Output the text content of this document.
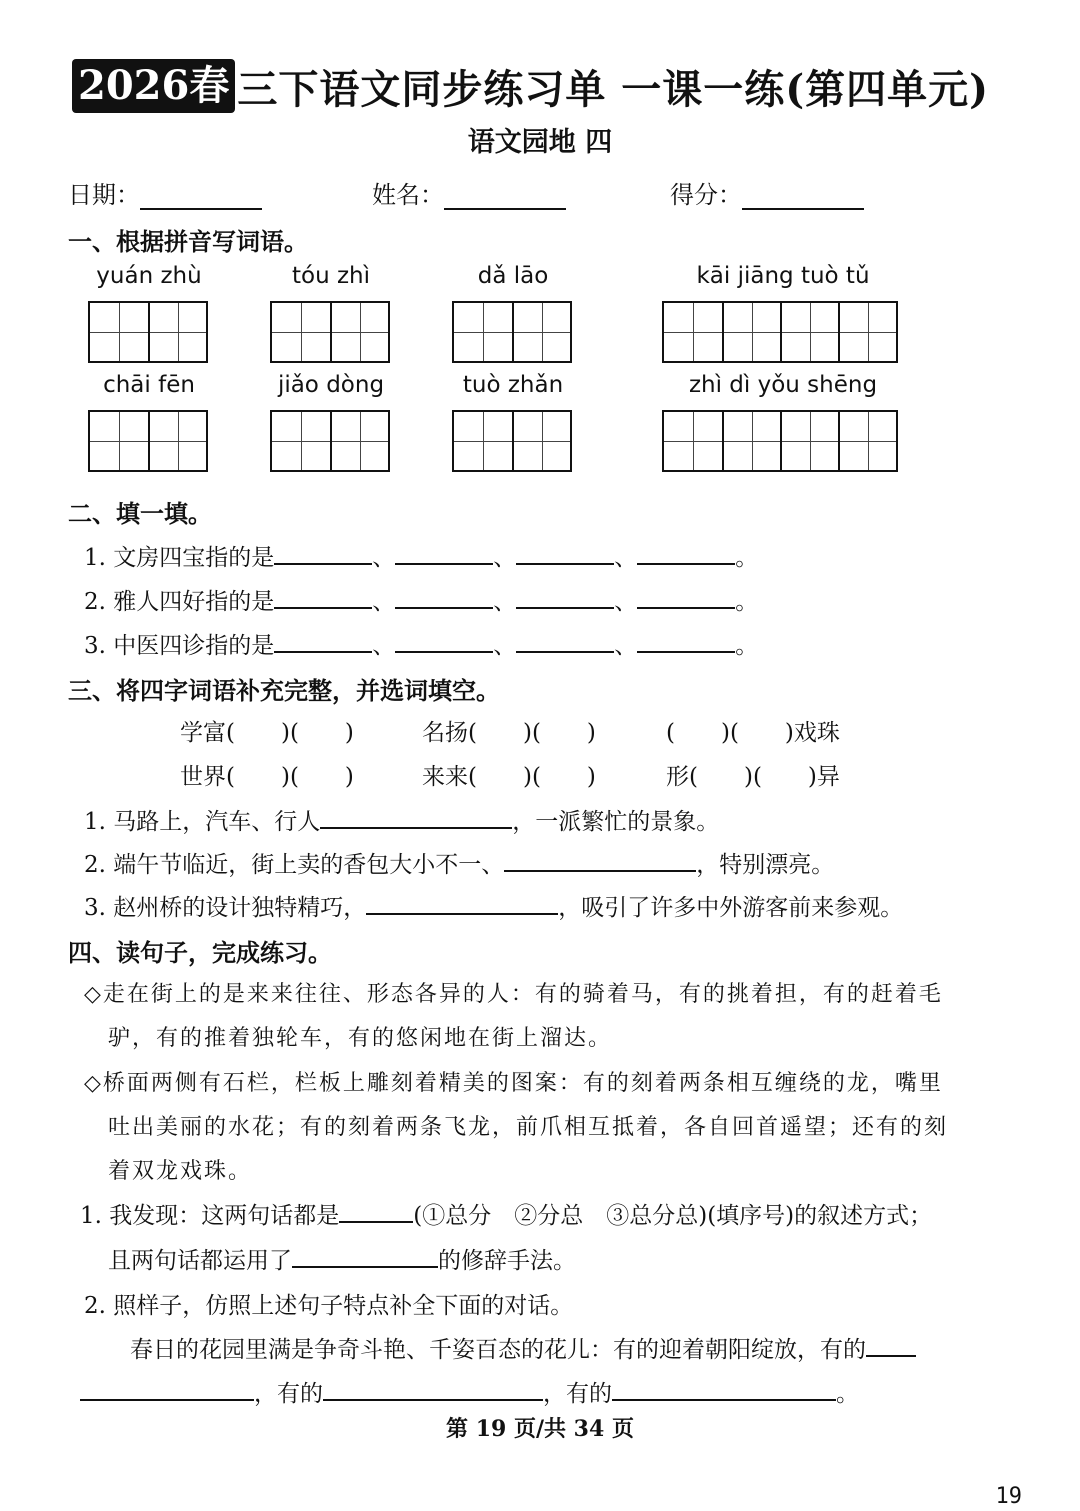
2026春 三下语文同步练习单 一课一练(第四单元)
语文园地 四
日期：	姓名：	得分：
一、根据拼音写词语。
yuán zhù	tóu zhì	dǎ lāo	kāi jiāng tuò tǔ
chāi fēn	jiǎo dòng	tuò zhǎn	zhì dì yǒu shēng
二、填一填。
1. 文房四宝指的是	、	、	、	。
2. 雅人四好指的是	、	、	、	。
3. 中医四诊指的是	、	、	、	。
三、将四字词语补充完整，并选词填空。
学富(　　)(　　)	名扬(　　)(　　)	(　　)(　　)戏珠
世界(　　)(　　)	来来(　　)(　　)	形(　　)(　　)异
1. 马路上，汽车、行人	，一派繁忙的景象。
2. 端午节临近，街上卖的香包大小不一、	，特别漂亮。
3. 赵州桥的设计独特精巧，	，吸引了许多中外游客前来参观。
四、读句子，完成练习。
◇走在街上的是来来往往、形态各异的人：有的骑着马，有的挑着担，有的赶着毛
驴，有的推着独轮车，有的悠闲地在街上溜达。
◇桥面两侧有石栏，栏板上雕刻着精美的图案：有的刻着两条相互缠绕的龙，嘴里
吐出美丽的水花；有的刻着两条飞龙，前爪相互抵着，各自回首遥望；还有的刻
着双龙戏珠。
1. 我发现：这两句话都是	(①总分　②分总　③总分总)(填序号)的叙述方式；
且两句话都运用了	的修辞手法。
2. 照样子，仿照上述句子特点补全下面的对话。
春日的花园里满是争奇斗艳、千姿百态的花儿：有的迎着朝阳绽放，有的
，有的	，有的	。
第 19 页/共 34 页
19
